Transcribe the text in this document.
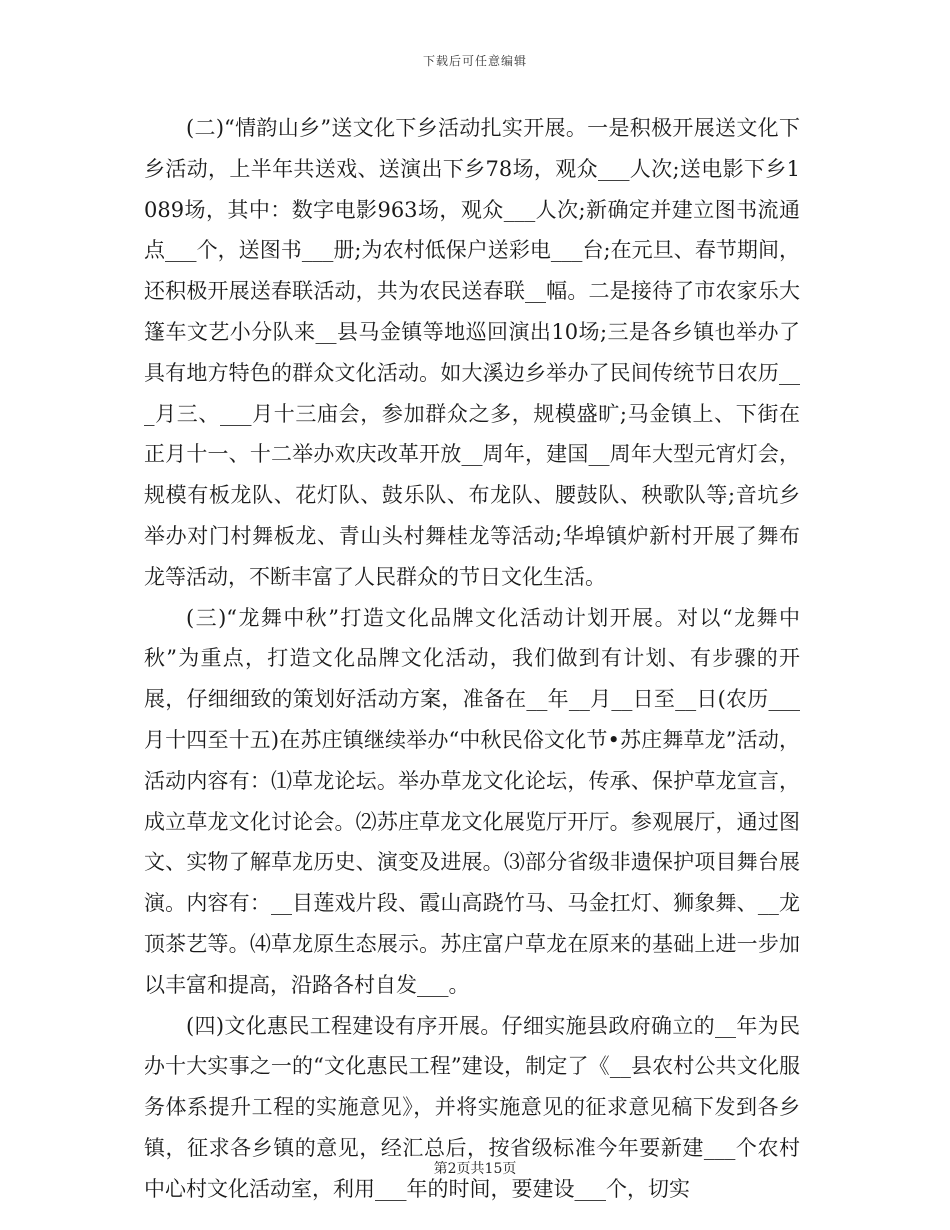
下载后可任意编辑

(二)“情韵山乡”送文化下乡活动扎实开展。一是积极开展送文化下乡活动，上半年共送戏、送演出下乡78场，观众___人次;送电影下乡1089场，其中：数字电影963场，观众___人次;新确定并建立图书流通点___个，送图书___册;为农村低保户送彩电___台;在元旦、春节期间，还积极开展送春联活动，共为农民送春联__幅。二是接待了市农家乐大篷车文艺小分队来__县马金镇等地巡回演出10场;三是各乡镇也举办了具有地方特色的群众文化活动。如大溪边乡举办了民间传统节日农历___月三、___月十三庙会，参加群众之多，规模盛旷;马金镇上、下街在正月十一、十二举办欢庆改革开放__周年，建国__周年大型元宵灯会，规模有板龙队、花灯队、鼓乐队、布龙队、腰鼓队、秧歌队等;音坑乡举办对门村舞板龙、青山头村舞桂龙等活动;华埠镇炉新村开展了舞布龙等活动，不断丰富了人民群众的节日文化生活。

(三)“龙舞中秋”打造文化品牌文化活动计划开展。对以“龙舞中秋”为重点，打造文化品牌文化活动，我们做到有计划、有步骤的开展，仔细细致的策划好活动方案，准备在__年__月__日至__日(农历___月十四至十五)在苏庄镇继续举办“中秋民俗文化节•苏庄舞草龙”活动，活动内容有：⑴草龙论坛。举办草龙文化论坛，传承、保护草龙宣言，成立草龙文化讨论会。⑵苏庄草龙文化展览厅开厅。参观展厅，通过图文、实物了解草龙历史、演变及进展。⑶部分省级非遗保护项目舞台展演。内容有：__目莲戏片段、霞山高跷竹马、马金扛灯、狮象舞、__龙顶茶艺等。⑷草龙原生态展示。苏庄富户草龙在原来的基础上进一步加以丰富和提高，沿路各村自发___。

(四)文化惠民工程建设有序开展。仔细实施县政府确立的__年为民办十大实事之一的“文化惠民工程”建设，制定了《__县农村公共文化服务体系提升工程的实施意见》，并将实施意见的征求意见稿下发到各乡镇，征求各乡镇的意见，经汇总后，按省级标准今年要新建___个农村中心村文化活动室，利用___年的时间，要建设___个，切实

第2页共15页
